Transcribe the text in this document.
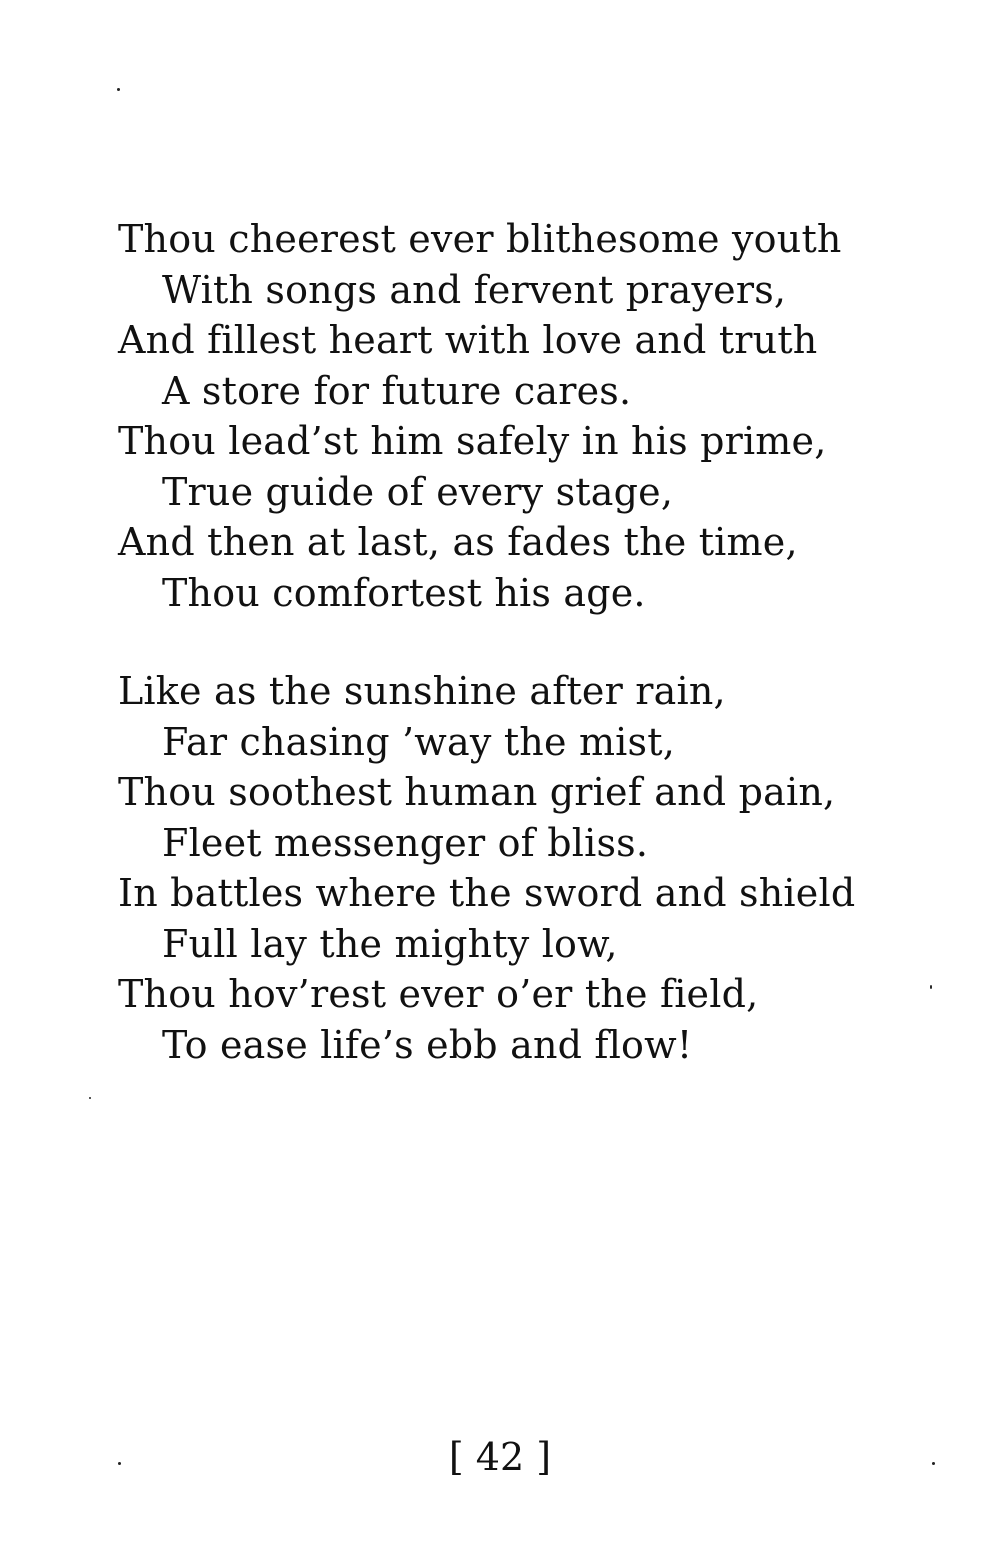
Thou cheerest ever blithesome youth
With songs and fervent prayers,
And fillest heart with love and truth
A store for future cares.
Thou lead’st him safely in his prime,
True guide of every stage,
And then at last, as fades the time,
Thou comfortest his age.
Like as the sunshine after rain,
Far chasing ’way the mist,
Thou soothest human grief and pain,
Fleet messenger of bliss.
In battles where the sword and shield
Full lay the mighty low,
Thou hov’rest ever o’er the field,
To ease life’s ebb and flow!
[ 42 ]
